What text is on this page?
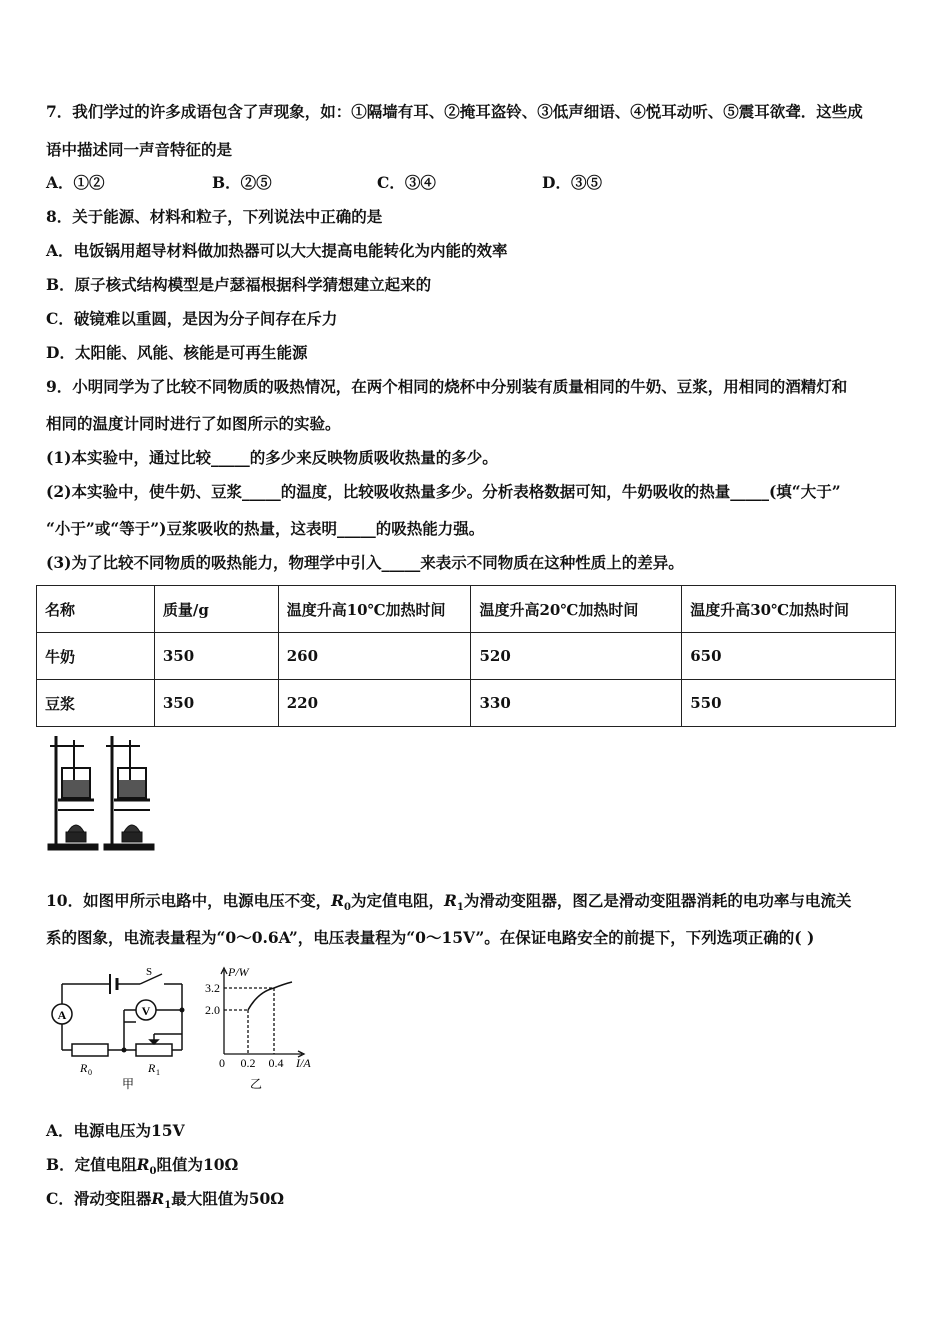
7．我们学过的许多成语包含了声现象，如：①隔墙有耳、②掩耳盗铃、③低声细语、④悦耳动听、⑤震耳欲聋．这些成
语中描述同一声音特征的是
A．①②	B．②⑤	C．③④	D．③⑤
8．关于能源、材料和粒子，下列说法中正确的是
A．电饭锅用超导材料做加热器可以大大提高电能转化为内能的效率
B．原子核式结构模型是卢瑟福根据科学猜想建立起来的
C．破镜难以重圆，是因为分子间存在斥力
D．太阳能、风能、核能是可再生能源
9．小明同学为了比较不同物质的吸热情况，在两个相同的烧杯中分别装有质量相同的牛奶、豆浆，用相同的酒精灯和
相同的温度计同时进行了如图所示的实验。
(1)本实验中，通过比较_____的多少来反映物质吸收热量的多少。
(2)本实验中，使牛奶、豆浆_____的温度，比较吸收热量多少。分析表格数据可知，牛奶吸收的热量_____(填“大于”
“小于”或“等于”)豆浆吸收的热量，这表明_____的吸热能力强。
(3)为了比较不同物质的吸热能力，物理学中引入_____来表示不同物质在这种性质上的差异。
名称	质量/g	温度升高10℃加热时间	温度升高20℃加热时间	温度升高30℃加热时间
牛奶	350	260	520	650
豆浆	350	220	330	550
10．如图甲所示电路中，电源电压不变，$R_0$为定值电阻，$R_1$为滑动变阻器，图乙是滑动变阻器消耗的电功率与电流关
系的图象，电流表量程为“0～0.6A”，电压表量程为“0～15V”。在保证电路安全的前提下，下列选项正确的( )
A	V
S
R 0	R 1
甲
P/W
3.2
2.0
0 0.2 0.4 I/A
乙
A．电源电压为15V
B．定值电阻$R_0$阻值为10Ω
C．滑动变阻器$R_1$最大阻值为50Ω
